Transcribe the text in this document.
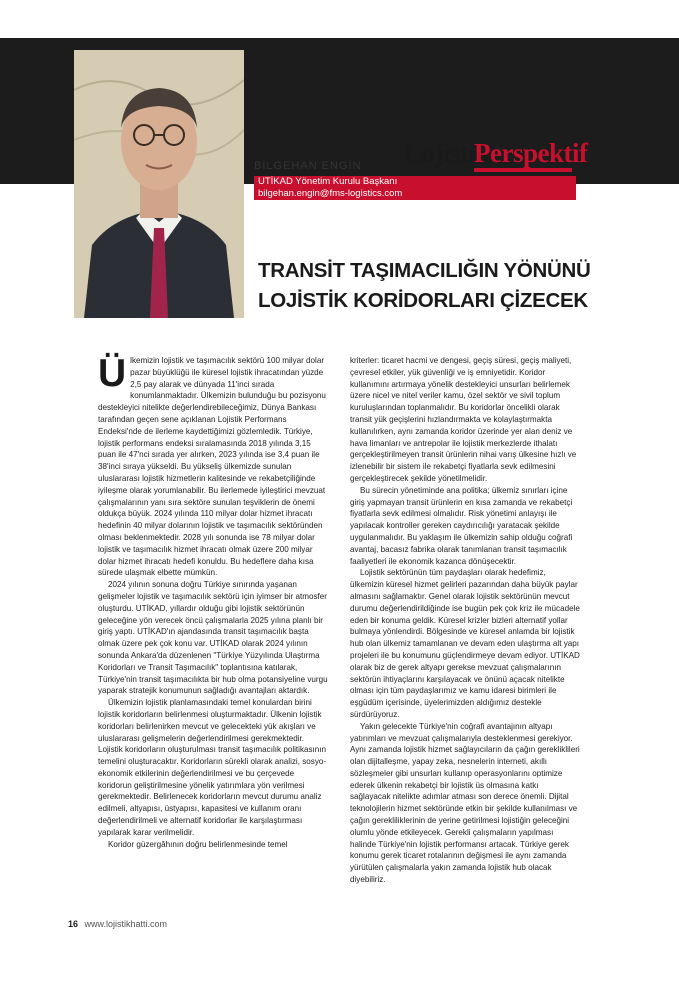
Lojistik
Perspektif
BİLGEHAN ENGİN
UTİKAD Yönetim Kurulu Başkanı
bilgehan.engin@fms-logistics.com
TRANSİT TAŞIMACILIĞIN YÖNÜNÜ
LOJİSTİK KORİDORLARI ÇİZECEK
Ü lkemizin lojistik ve taşımacılık sektörü 100 milyar dolar pazar büyüklüğü ile küresel lojistik ihracatından yüzde 2,5 pay alarak ve dünyada 11'inci sırada konumlanmaktadır. Ülkemizin bulunduğu bu pozisyonu destekleyici nitelikte değerlendirebileceğimiz, Dünya Bankası tarafından geçen sene açıklanan Lojistik Performans Endeksi'nde de ilerleme kaydettiğimizi gözlemledik. Türkiye, lojistik performans endeksi sıralamasında 2018 yılında 3,15 puan ile 47'nci sırada yer alırken, 2023 yılında ise 3,4 puan ile 38'inci sıraya yükseldi. Bu yükseliş ülkemizde sunulan uluslararası lojistik hizmetlerin kalitesinde ve rekabetçiliğinde iyileşme olarak yorumlanabilir. Bu ilerlemede iyileştirici mevzuat çalışmalarının yanı sıra sektöre sunulan teşviklerin de önemi oldukça büyük. 2024 yılında 110 milyar dolar hizmet ihracatı hedefinin 40 milyar dolarının lojistik ve taşımacılık sektöründen olması beklenmektedir. 2028 yılı sonunda ise 78 milyar dolar lojistik ve taşımacılık hizmet ihracatı olmak üzere 200 milyar dolar hizmet ihracatı hedefi konuldu. Bu hedeflere daha kısa sürede ulaşmak elbette mümkün.

2024 yılının sonuna doğru Türkiye sınırında yaşanan gelişmeler lojistik ve taşımacılık sektörü için iyimser bir atmosfer oluşturdu. UTİKAD, yıllardır olduğu gibi lojistik sektörünün geleceğine yön verecek öncü çalışmalarla 2025 yılına planlı bir giriş yaptı. UTİKAD'ın ajandasında transit taşımacılık başta olmak üzere pek çok konu var. UTİKAD olarak 2024 yılının sonunda Ankara'da düzenlenen "Türkiye Yüzyılında Ulaştırma Koridorları ve Transit Taşımacılık" toplantısına katılarak, Türkiye'nin transit taşımacılıkta bir hub olma potansiyeline vurgu yaparak stratejik konumunun sağladığı avantajları aktardık.

Ülkemizin lojistik planlamasındaki temel konulardan birini lojistik koridorların belirlenmesi oluşturmaktadır. Ülkenin lojistik koridorları belirlenirken mevcut ve gelecekteki yük akışları ve uluslararası gelişmelerin değerlendirilmesi gerekmektedir. Lojistik koridorların oluşturulması transit taşımacılık politikasının temelini oluşturacaktır. Koridorların sürekli olarak analizi, sosyo-ekonomik etkilerinin değerlendirilmesi ve bu çerçevede koridorun geliştirilmesine yönelik yatırımlara yön verilmesi gerekmektedir. Belirlenecek koridorların mevcut durumu analiz edilmeli, altyapısı, üstyapısı, kapasitesi ve kullanım oranı değerlendirilmeli ve alternatif koridorlar ile karşılaştırması yapılarak karar verilmelidir.

Koridor güzergâhının doğru belirlenmesinde temel

kriterler: ticaret hacmi ve dengesi, geçiş süresi, geçiş maliyeti, çevresel etkiler, yük güvenliği ve iş emniyetidir. Koridor kullanımını artırmaya yönelik destekleyici unsurları belirlemek üzere nicel ve nitel veriler kamu, özel sektör ve sivil toplum kuruluşlarından toplanmalıdır. Bu koridorlar öncelikli olarak transit yük geçişlerini hızlandırmakta ve kolaylaştırmakta kullanılırken, aynı zamanda koridor üzerinde yer alan deniz ve hava limanları ve antrepolar ile lojistik merkezlerde ithalatı gerçekleştirilmeyen transit ürünlerin nihai varış ülkesine hızlı ve izlenebilir bir sistem ile rekabetçi fiyatlarla sevk edilmesini gerçekleştirecek şekilde yönetilmelidir.

Bu sürecin yönetiminde ana politika; ülkemiz sınırları içine giriş yapmayan transit ürünlerin en kısa zamanda ve rekabetçi fiyatlarla sevk edilmesi olmalıdır. Risk yönetimi anlayışı ile yapılacak kontroller gereken caydırıcılığı yaratacak şekilde uygulanmalıdır. Bu yaklaşım ile ülkemizin sahip olduğu coğrafi avantaj, bacasız fabrika olarak tanımlanan transit taşımacılık faaliyetleri ile ekonomik kazanca dönüşecektir.

Lojistik sektörünün tüm paydaşları olarak hedefimiz, ülkemizin küresel hizmet gelirleri pazarından daha büyük paylar almasını sağlamaktır. Genel olarak lojistik sektörünün mevcut durumu değerlendirildiğinde ise bugün pek çok kriz ile mücadele eden bir konuma geldik. Küresel krizler bizleri alternatif yollar bulmaya yönlendirdi. Bölgesinde ve küresel anlamda bir lojistik hub olan ülkemiz tamamlanan ve devam eden ulaştırma alt yapı projeleri ile bu konumunu güçlendirmeye devam ediyor. UTİKAD olarak biz de gerek altyapı gerekse mevzuat çalışmalarının sektörün ihtiyaçlarını karşılayacak ve önünü açacak nitelikte olması için tüm paydaşlarımız ve kamu idaresi birimleri ile eşgüdüm içerisinde, üyelerimizden aldığımız destekle sürdürüyoruz.

Yakın gelecekte Türkiye'nin coğrafi avantajının altyapı yatırımları ve mevzuat çalışmalarıyla desteklenmesi gerekiyor. Aynı zamanda lojistik hizmet sağlayıcıların da çağın gerekliklileri olan dijitalleşme, yapay zeka, nesnelerin interneti, akıllı sözleşmeler gibi unsurları kullanıp operasyonlarını optimize ederek ülkenin rekabetçi bir lojistik üs olmasına katkı sağlayacak nitelikte adımlar atması son derece önemli. Dijital teknolojilerin hizmet sektöründe etkin bir şekilde kullanılması ve çağın gerekliliklerinin de yerine getirilmesi lojistiğin geleceğini olumlu yönde etkileyecek. Gerekli çalışmaların yapılması halinde Türkiye'nin lojistik performansı artacak. Türkiye gerek konumu gerek ticaret rotalarının değişmesi ile aynı zamanda yürütülen çalışmalarla yakın zamanda lojistik hub olacak diyebiliriz.

16 www.lojistikhatti.com
